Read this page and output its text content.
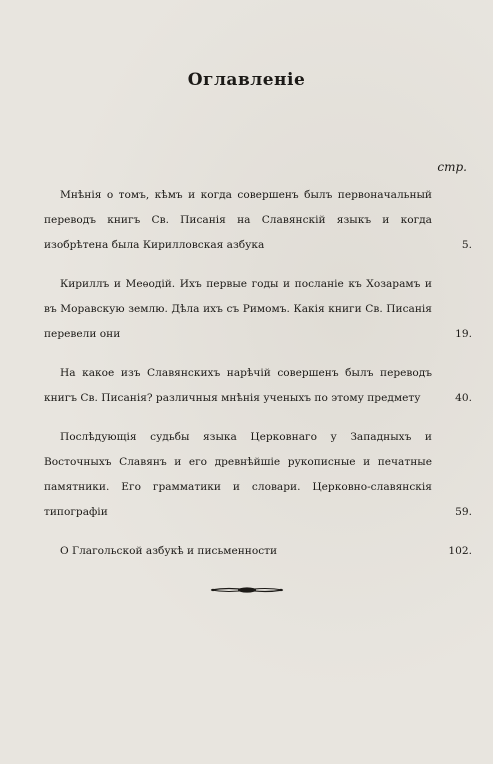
Оглавленіе
стр.
Мнѣнія о томъ, кѣмъ и когда совершенъ былъ первоначальный переводъ книгъ Св. Писанія на Славянскій языкъ и когда изобрѣтена была Кирилловская азбука	5.
Кириллъ и Меѳодій. Ихъ первые годы и посланіе къ Хозарамъ и въ Моравскую землю. Дѣла ихъ съ Римомъ. Какія книги Св. Писанія перевели они	19.
На какое изъ Славянскихъ нарѣчій совершенъ былъ переводъ книгъ Св. Писанія? различныя мнѣнія ученыхъ по этому предмету	40.
Послѣдующія судьбы языка Церковнаго у Западныхъ и Восточныхъ Славянъ и его древнѣйшіе рукописные и печатные памятники. Его грамматики и словари. Церковно-славянскія типографіи	59.
О Глагольской азбукѣ и письменности	102.
